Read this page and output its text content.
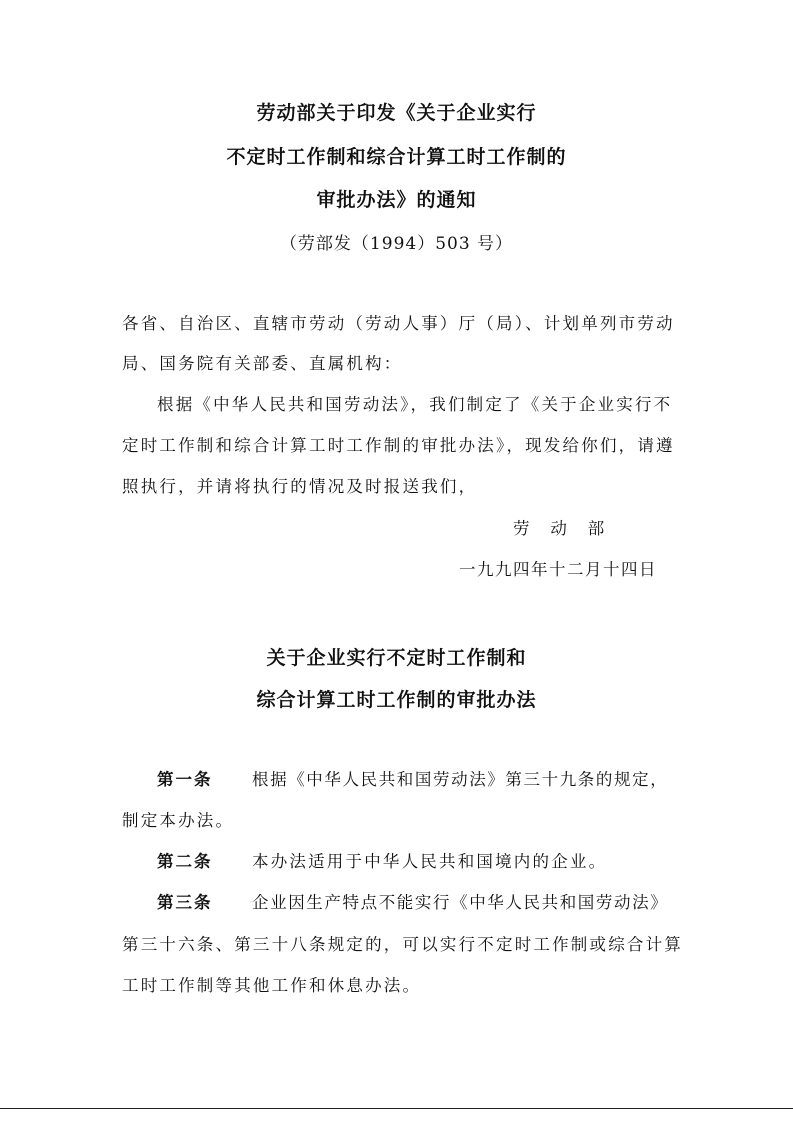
劳动部关于印发《关于企业实行
不定时工作制和综合计算工时工作制的
审批办法》的通知
（劳部发（1994）503 号）
各省、自治区、直辖市劳动（劳动人事）厅（局）、计划单列市劳动
局、国务院有关部委、直属机构：
根据《中华人民共和国劳动法》，我们制定了《关于企业实行不
定时工作制和综合计算工时工作制的审批办法》，现发给你们，请遵
照执行，并请将执行的情况及时报送我们，
劳　动　部
一九九四年十二月十四日
关于企业实行不定时工作制和
综合计算工时工作制的审批办法
第一条 根据《中华人民共和国劳动法》第三十九条的规定，
制定本办法。
第二条 本办法适用于中华人民共和国境内的企业。
第三条 企业因生产特点不能实行《中华人民共和国劳动法》
第三十六条、第三十八条规定的，可以实行不定时工作制或综合计算
工时工作制等其他工作和休息办法。
